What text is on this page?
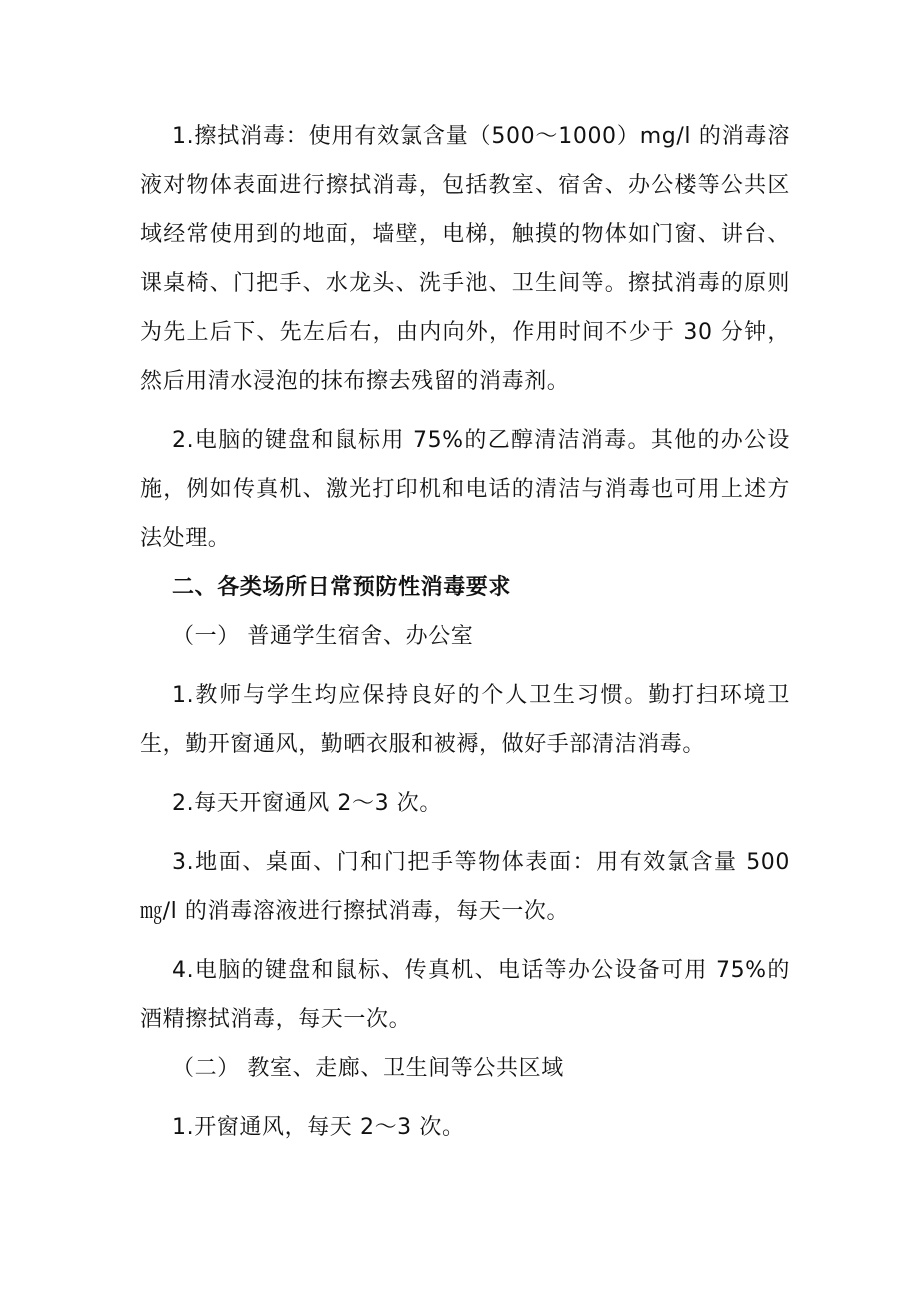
1.擦拭消毒：使用有效氯含量（500～1000）mg/l 的消毒溶液对物体表面进行擦拭消毒，包括教室、宿舍、办公楼等公共区域经常使用到的地面，墙壁，电梯，触摸的物体如门窗、讲台、课桌椅、门把手、水龙头、洗手池、卫生间等。擦拭消毒的原则为先上后下、先左后右，由内向外，作用时间不少于 30 分钟，然后用清水浸泡的抹布擦去残留的消毒剂。

2.电脑的键盘和鼠标用 75%的乙醇清洁消毒。其他的办公设施，例如传真机、激光打印机和电话的清洁与消毒也可用上述方法处理。

二、各类场所日常预防性消毒要求

（一） 普通学生宿舍、办公室

1.教师与学生均应保持良好的个人卫生习惯。勤打扫环境卫生，勤开窗通风，勤晒衣服和被褥，做好手部清洁消毒。

2.每天开窗通风 2～3 次。

3.地面、桌面、门和门把手等物体表面：用有效氯含量 500㎎/l 的消毒溶液进行擦拭消毒，每天一次。

4.电脑的键盘和鼠标、传真机、电话等办公设备可用 75%的酒精擦拭消毒，每天一次。

（二） 教室、走廊、卫生间等公共区域

1.开窗通风，每天 2～3 次。
